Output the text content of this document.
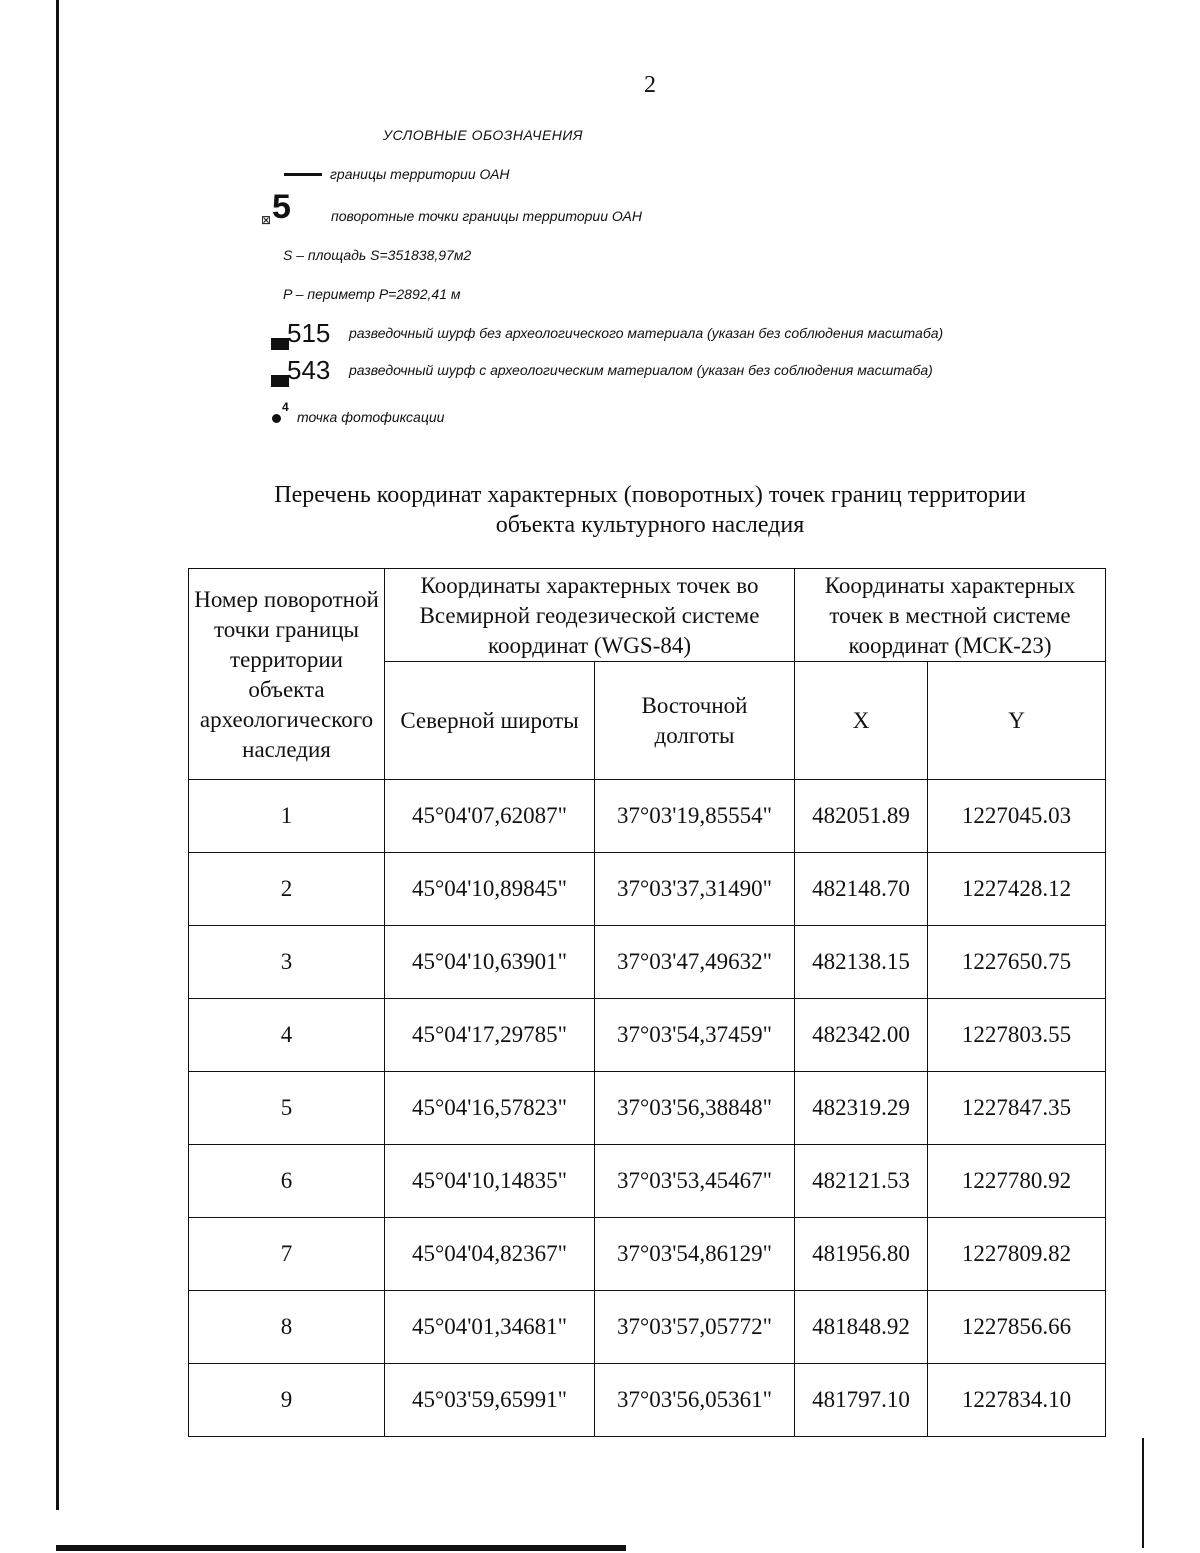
2
УСЛОВНЫЕ ОБОЗНАЧЕНИЯ
границы территории ОАН
⊠ 5	поворотные точки границы территории ОАН
S – площадь S=351838,97м2
P – периметр P=2892,41 м
515 разведочный шурф без археологического материала (указан без соблюдения масштаба)
543 разведочный шурф с археологическим материалом (указан без соблюдения масштаба)
4
точка фотофиксации
Перечень координат характерных (поворотных) точек границ территории
объекта культурного наследия
Номер поворотной точки границы территории объекта археологического наследия	Координаты характерных точек во Всемирной геодезической системе координат (WGS-84)		Координаты характерных точек в местной системе координат (МСК-23)	
	Северной широты	Восточной долготы	X	Y
1	45°04'07,62087"	37°03'19,85554"	482051.89	1227045.03
2	45°04'10,89845"	37°03'37,31490"	482148.70	1227428.12
3	45°04'10,63901"	37°03'47,49632"	482138.15	1227650.75
4	45°04'17,29785"	37°03'54,37459"	482342.00	1227803.55
5	45°04'16,57823"	37°03'56,38848"	482319.29	1227847.35
6	45°04'10,14835"	37°03'53,45467"	482121.53	1227780.92
7	45°04'04,82367"	37°03'54,86129"	481956.80	1227809.82
8	45°04'01,34681"	37°03'57,05772"	481848.92	1227856.66
9	45°03'59,65991"	37°03'56,05361"	481797.10	1227834.10
